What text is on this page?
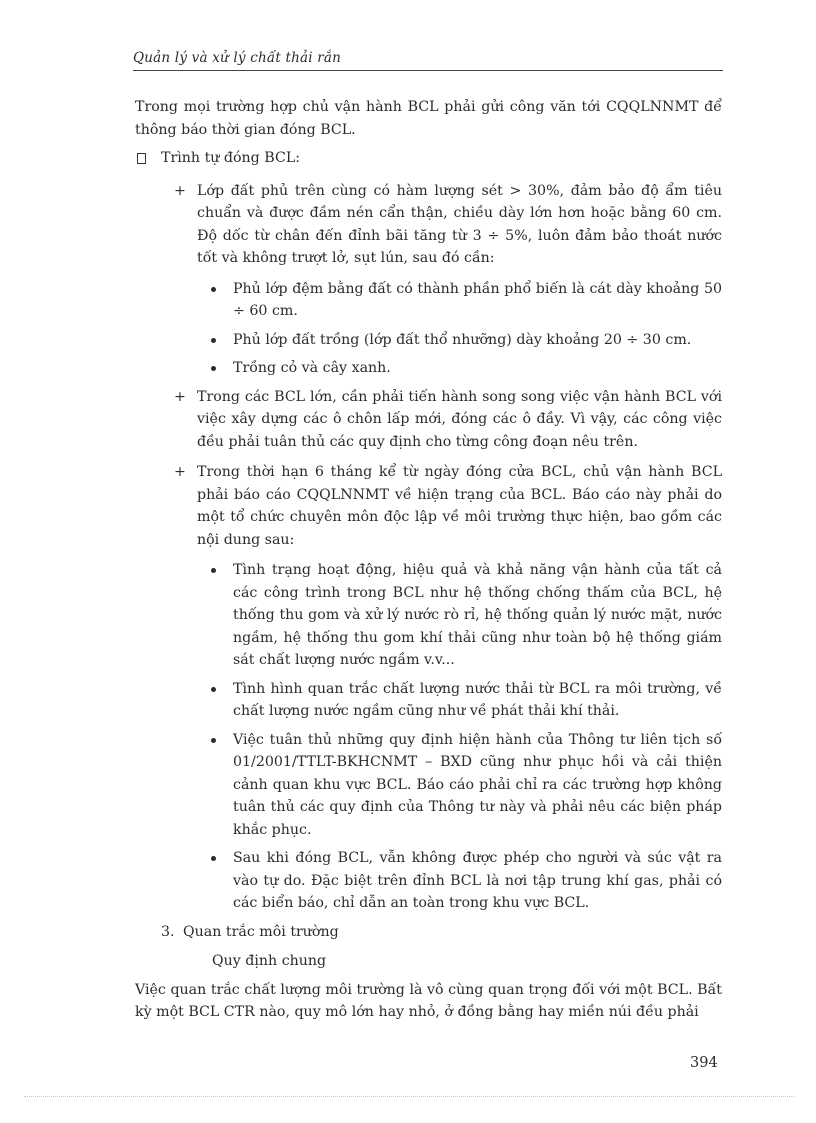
Quản lý và xử lý chất thải rắn

Trong mọi trường hợp chủ vận hành BCL phải gửi công văn tới CQQLNNMT để thông báo thời gian đóng BCL.

Trình tự đóng BCL:
+ Lớp đất phủ trên cùng có hàm lượng sét > 30%, đảm bảo độ ẩm tiêu chuẩn và được đầm nén cẩn thận, chiều dày lớn hơn hoặc bằng 60 cm. Độ dốc từ chân đến đỉnh bãi tăng từ 3 ÷ 5%, luôn đảm bảo thoát nước tốt và không trượt lở, sụt lún, sau đó cần:

Phủ lớp đệm bằng đất có thành phần phổ biến là cát dày khoảng 50 ÷ 60 cm.

Phủ lớp đất trồng (lớp đất thổ nhưỡng) dày khoảng 20 ÷ 30 cm.

Trồng cỏ và cây xanh.

+ Trong các BCL lớn, cần phải tiến hành song song việc vận hành BCL với việc xây dựng các ô chôn lấp mới, đóng các ô đầy. Vì vậy, các công việc đều phải tuân thủ các quy định cho từng công đoạn nêu trên.

+ Trong thời hạn 6 tháng kể từ ngày đóng cửa BCL, chủ vận hành BCL phải báo cáo CQQLNNMT về hiện trạng của BCL. Báo cáo này phải do một tổ chức chuyên môn độc lập về môi trường thực hiện, bao gồm các nội dung sau:

Tình trạng hoạt động, hiệu quả và khả năng vận hành của tất cả các công trình trong BCL như hệ thống chống thấm của BCL, hệ thống thu gom và xử lý nước rò rỉ, hệ thống quản lý nước mặt, nước ngầm, hệ thống thu gom khí thải cũng như toàn bộ hệ thống giám sát chất lượng nước ngầm v.v...

Tình hình quan trắc chất lượng nước thải từ BCL ra môi trường, về chất lượng nước ngầm cũng như về phát thải khí thải.

Việc tuân thủ những quy định hiện hành của Thông tư liên tịch số 01/2001/TTLT-BKHCNMT – BXD cũng như phục hồi và cải thiện cảnh quan khu vực BCL. Báo cáo phải chỉ ra các trường hợp không tuân thủ các quy định của Thông tư này và phải nêu các biện pháp khắc phục.

Sau khi đóng BCL, vẫn không được phép cho người và súc vật ra vào tự do. Đặc biệt trên đỉnh BCL là nơi tập trung khí gas, phải có các biển báo, chỉ dẫn an toàn trong khu vực BCL.

3. Quan trắc môi trường

Quy định chung

Việc quan trắc chất lượng môi trường là vô cùng quan trọng đối với một BCL. Bất kỳ một BCL CTR nào, quy mô lớn hay nhỏ, ở đồng bằng hay miền núi đều phải

394
